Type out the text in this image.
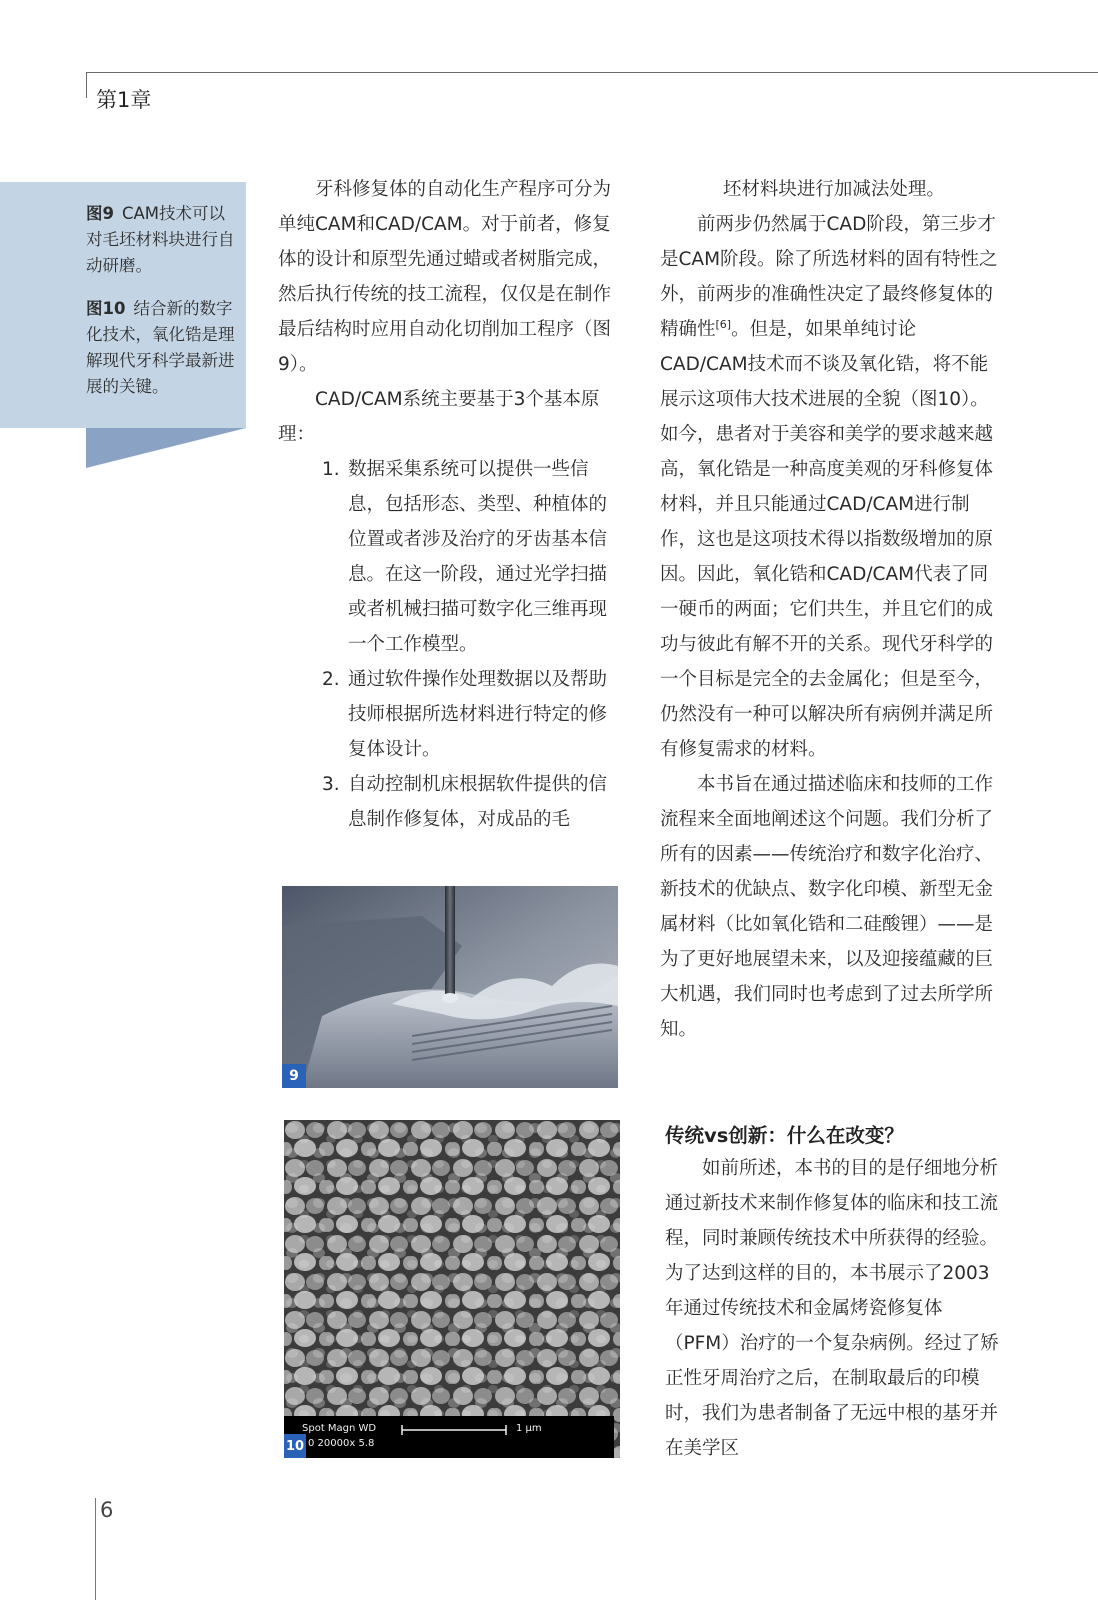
第1章
图9 CAM技术可以对毛坯材料块进行自动研磨。
图10 结合新的数字化技术，氧化锆是理解现代牙科学最新进展的关键。

牙科修复体的自动化生产程序可分为单纯CAM和CAD/CAM。对于前者，修复体的设计和原型先通过蜡或者树脂完成，然后执行传统的技工流程，仅仅是在制作最后结构时应用自动化切削加工程序（图9）。

CAD/CAM系统主要基于3个基本原理：

1. 数据采集系统可以提供一些信息，包括形态、类型、种植体的位置或者涉及治疗的牙齿基本信息。在这一阶段，通过光学扫描或者机械扫描可数字化三维再现一个工作模型。
2. 通过软件操作处理数据以及帮助技师根据所选材料进行特定的修复体设计。
3. 自动控制机床根据软件提供的信息制作修复体，对成品的毛
9
Spot Magn WD
0 20000x 5.8
1 μm
10

坯材料块进行加减法处理。

前两步仍然属于CAD阶段，第三步才是CAM阶段。除了所选材料的固有特性之外，前两步的准确性决定了最终修复体的精确性[6]。但是，如果单纯讨论CAD/CAM技术而不谈及氧化锆，将不能展示这项伟大技术进展的全貌（图10）。如今，患者对于美容和美学的要求越来越高，氧化锆是一种高度美观的牙科修复体材料，并且只能通过CAD/CAM进行制作，这也是这项技术得以指数级增加的原因。因此，氧化锆和CAD/CAM代表了同一硬币的两面；它们共生，并且它们的成功与彼此有解不开的关系。现代牙科学的一个目标是完全的去金属化；但是至今，仍然没有一种可以解决所有病例并满足所有修复需求的材料。

本书旨在通过描述临床和技师的工作流程来全面地阐述这个问题。我们分析了所有的因素——传统治疗和数字化治疗、新技术的优缺点、数字化印模、新型无金属材料（比如氧化锆和二硅酸锂）——是为了更好地展望未来，以及迎接蕴藏的巨大机遇，我们同时也考虑到了过去所学所知。

传统vs创新：什么在改变？

如前所述，本书的目的是仔细地分析通过新技术来制作修复体的临床和技工流程，同时兼顾传统技术中所获得的经验。为了达到这样的目的，本书展示了2003年通过传统技术和金属烤瓷修复体（PFM）治疗的一个复杂病例。经过了矫正性牙周治疗之后，在制取最后的印模时，我们为患者制备了无远中根的基牙并在美学区

6
